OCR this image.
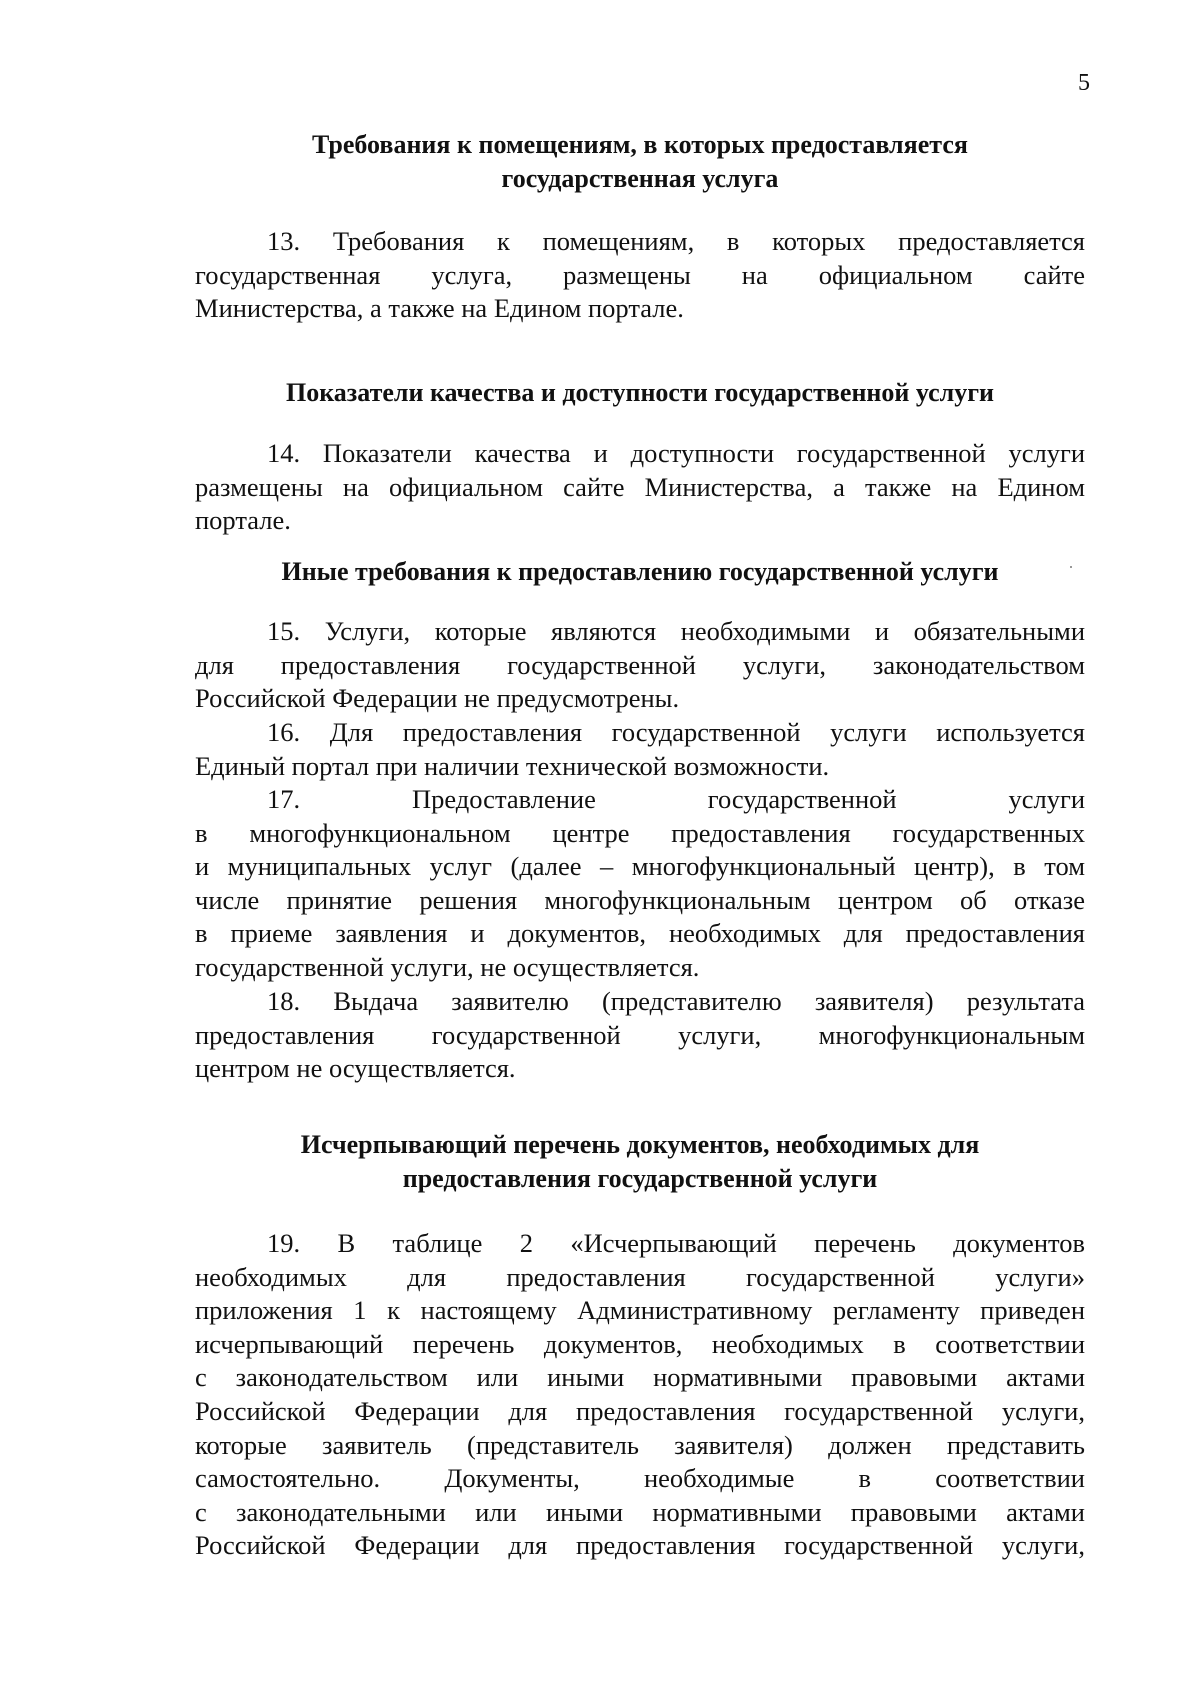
5
Требования к помещениям, в которых предоставляется
государственная услуга
13. Требования к помещениям, в которых предоставляется
государственная услуга, размещены на официальном сайте
Министерства, а также на Едином портале.
Показатели качества и доступности государственной услуги
14. Показатели качества и доступности государственной услуги
размещены на официальном сайте Министерства, а также на Едином
портале.
Иные требования к предоставлению государственной услуги
15. Услуги, которые являются необходимыми и обязательными
для предоставления государственной услуги, законодательством
Российской Федерации не предусмотрены.
16. Для предоставления государственной услуги используется
Единый портал при наличии технической возможности.
17. Предоставление государственной услуги
в многофункциональном центре предоставления государственных
и муниципальных услуг (далее – многофункциональный центр), в том
числе принятие решения многофункциональным центром об отказе
в приеме заявления и документов, необходимых для предоставления
государственной услуги, не осуществляется.
18. Выдача заявителю (представителю заявителя) результата
предоставления государственной услуги, многофункциональным
центром не осуществляется.
Исчерпывающий перечень документов, необходимых для
предоставления государственной услуги
19. В таблице 2 «Исчерпывающий перечень документов
необходимых для предоставления государственной услуги»
приложения 1 к настоящему Административному регламенту приведен
исчерпывающий перечень документов, необходимых в соответствии
с законодательством или иными нормативными правовыми актами
Российской Федерации для предоставления государственной услуги,
которые заявитель (представитель заявителя) должен представить
самостоятельно. Документы, необходимые в соответствии
с законодательными или иными нормативными правовыми актами
Российской Федерации для предоставления государственной услуги,
